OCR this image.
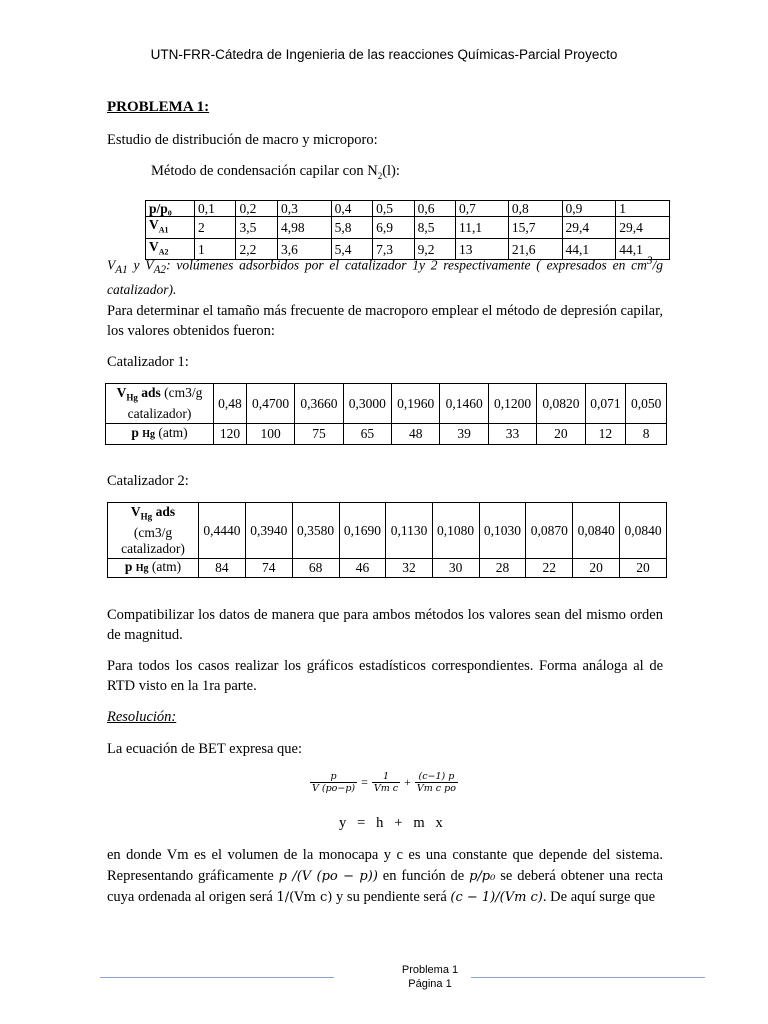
UTN-FRR-Cátedra de Ingenieria de las reacciones Químicas-Parcial Proyecto
PROBLEMA 1:
Estudio de distribución de macro y microporo:
Método de condensación capilar con $N_2(l)$:
p/p₀	0,1	0,2	0,3	0,4	0,5	0,6	0,7	0,8	0,9	1
$V_{A1}$	2	3,5	4,98	5,8	6,9	8,5	11,1	15,7	29,4	29,4
$V_{A2}$	1	2,2	3,6	5,4	7,3	9,2	13	21,6	44,1	44,1
$V_{A1}$ y $V_{A2}$: volúmenes adsorbidos por el catalizador 1y 2 respectivamente ( expresados en $cm^3/g$ catalizador).
Para determinar el tamaño más frecuente de macroporo emplear el método de depresión capilar, los valores obtenidos fueron:
Catalizador 1:
$V_{Hg}$ ads (cm3/g catalizador)	0,48	0,4700	0,3660	0,3000	0,1960	0,1460	0,1200	0,0820	0,071	0,050
p Hg (atm)	120	100	75	65	48	39	33	20	12	8
Catalizador 2:
$V_{Hg}$ ads
(cm3/g
catalizador)	0,4440	0,3940	0,3580	0,1690	0,1130	0,1080	0,1030	0,0870	0,0840	0,0840
p Hg (atm)	84	74	68	46	32	30	28	22	20	20
Compatibilizar los datos de manera que para ambos métodos los valores sean del mismo orden de magnitud.
Para todos los casos realizar los gráficos estadísticos correspondientes. Forma análoga al de RTD visto en la 1ra parte.
Resolución:
La ecuación de BET expresa que:
$\frac{p}{V (po-p)} = \frac{1}{\text{Vm c}} + \frac{(c-1) p}{\text{Vm c po}}$
y   =   h   +   m   x
en donde Vm es el volumen de la monocapa y c es una constante que depende del sistema. Representando gráficamente p /(V (po − p)) en función de p/p₀ se deberá obtener una recta cuya ordenada al origen será 1/(Vm c) y su pendiente será (c − 1)/(Vm c). De aquí surge que
Problema 1
Página 1
